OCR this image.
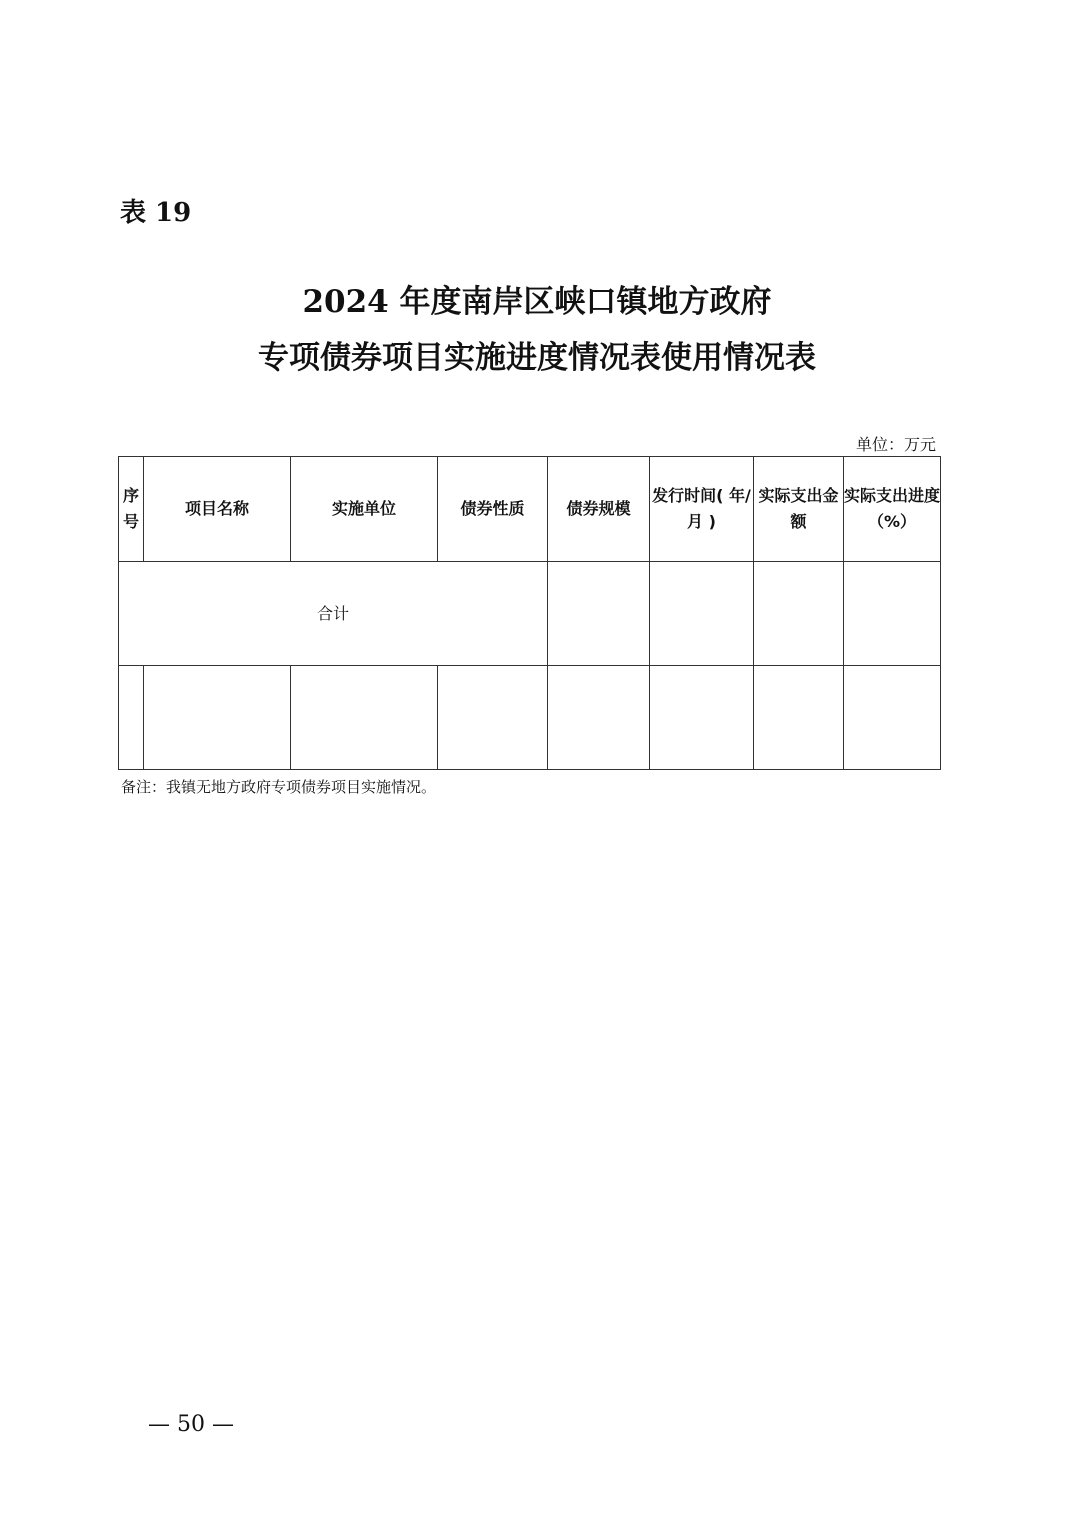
表 19
2024 年度南岸区峡口镇地方政府
专项债券项目实施进度情况表使用情况表
单位：万元
序号	项目名称	实施单位	债券性质	债券规模	发行时间( 年/月 )	实际支出金额	实际支出进度（%）
合计							

备注：我镇无地方政府专项债券项目实施情况。
— 50 —
